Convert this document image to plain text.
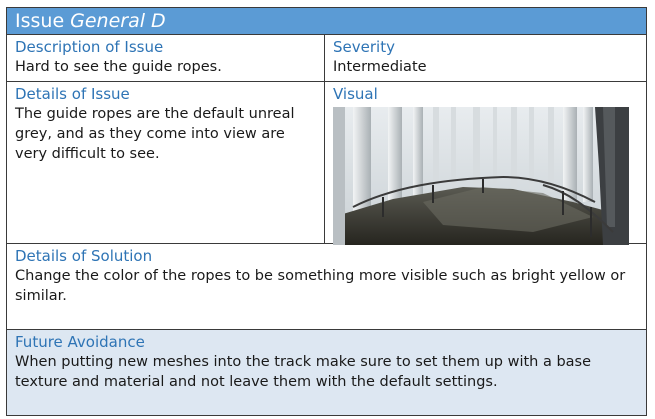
Issue General D
Description of Issue
Hard to see the guide ropes.
Severity
Intermediate
Details of Issue
The guide ropes are the default unreal grey, and as they come into view are very difficult to see.
Visual
Details of Solution
Change the color of the ropes to be something more visible such as bright yellow or similar.
Future Avoidance
When putting new meshes into the track make sure to set them up with a base texture and material and not leave them with the default settings.
